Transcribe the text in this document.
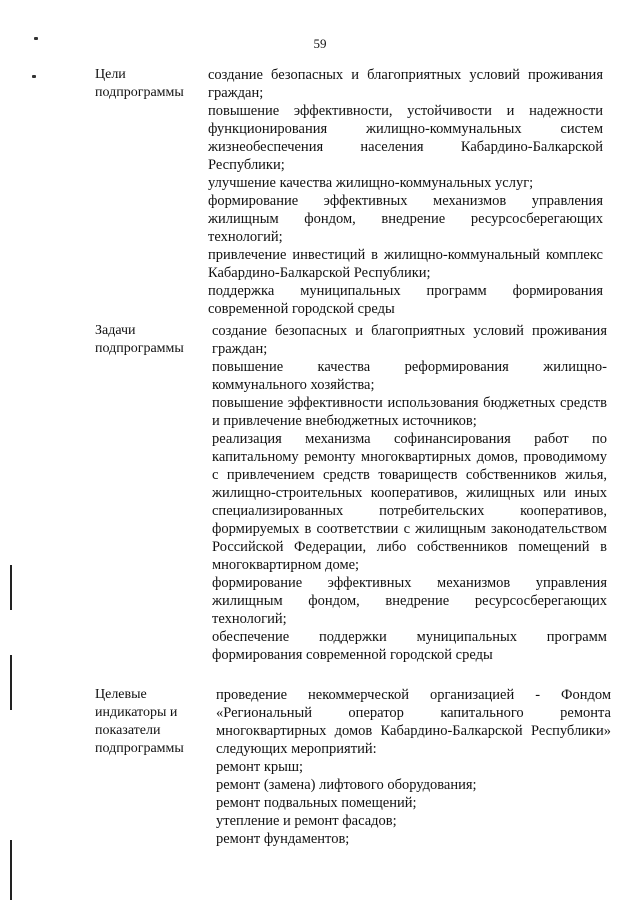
59
Цели
подпрограммы

создание безопасных и благоприятных условий проживания граждан;

повышение эффективности, устойчивости и надежности функционирования жилищно-коммунальных систем жизнеобеспечения населения Кабардино-Балкарской Республики;

улучшение качества жилищно-коммунальных услуг;

формирование эффективных механизмов управления жилищным фондом, внедрение ресурсосберегающих технологий;

привлечение инвестиций в жилищно-коммунальный комплекс Кабардино-Балкарской Республики;

поддержка муниципальных программ формирования современной городской среды

Задачи
подпрограммы

создание безопасных и благоприятных условий проживания граждан;

повышение качества реформирования жилищно-коммунального хозяйства;

повышение эффективности использования бюджетных средств и привлечение внебюджетных источников;

реализация механизма софинансирования работ по капитальному ремонту многоквартирных домов, проводимому с привлечением средств товариществ собственников жилья, жилищно-строительных кооперативов, жилищных или иных специализированных потребительских кооперативов, формируемых в соответствии с жилищным законодательством Российской Федерации, либо собственников помещений в многоквартирном доме;

формирование эффективных механизмов управления жилищным фондом, внедрение ресурсосберегающих технологий;

обеспечение поддержки муниципальных программ формирования современной городской среды

Целевые
индикаторы и
показатели
подпрограммы

проведение некоммерческой организацией - Фондом «Региональный оператор капитального ремонта многоквартирных домов Кабардино-Балкарской Республики» следующих мероприятий:

ремонт крыш;

ремонт (замена) лифтового оборудования;

ремонт подвальных помещений;

утепление и ремонт фасадов;

ремонт фундаментов;
